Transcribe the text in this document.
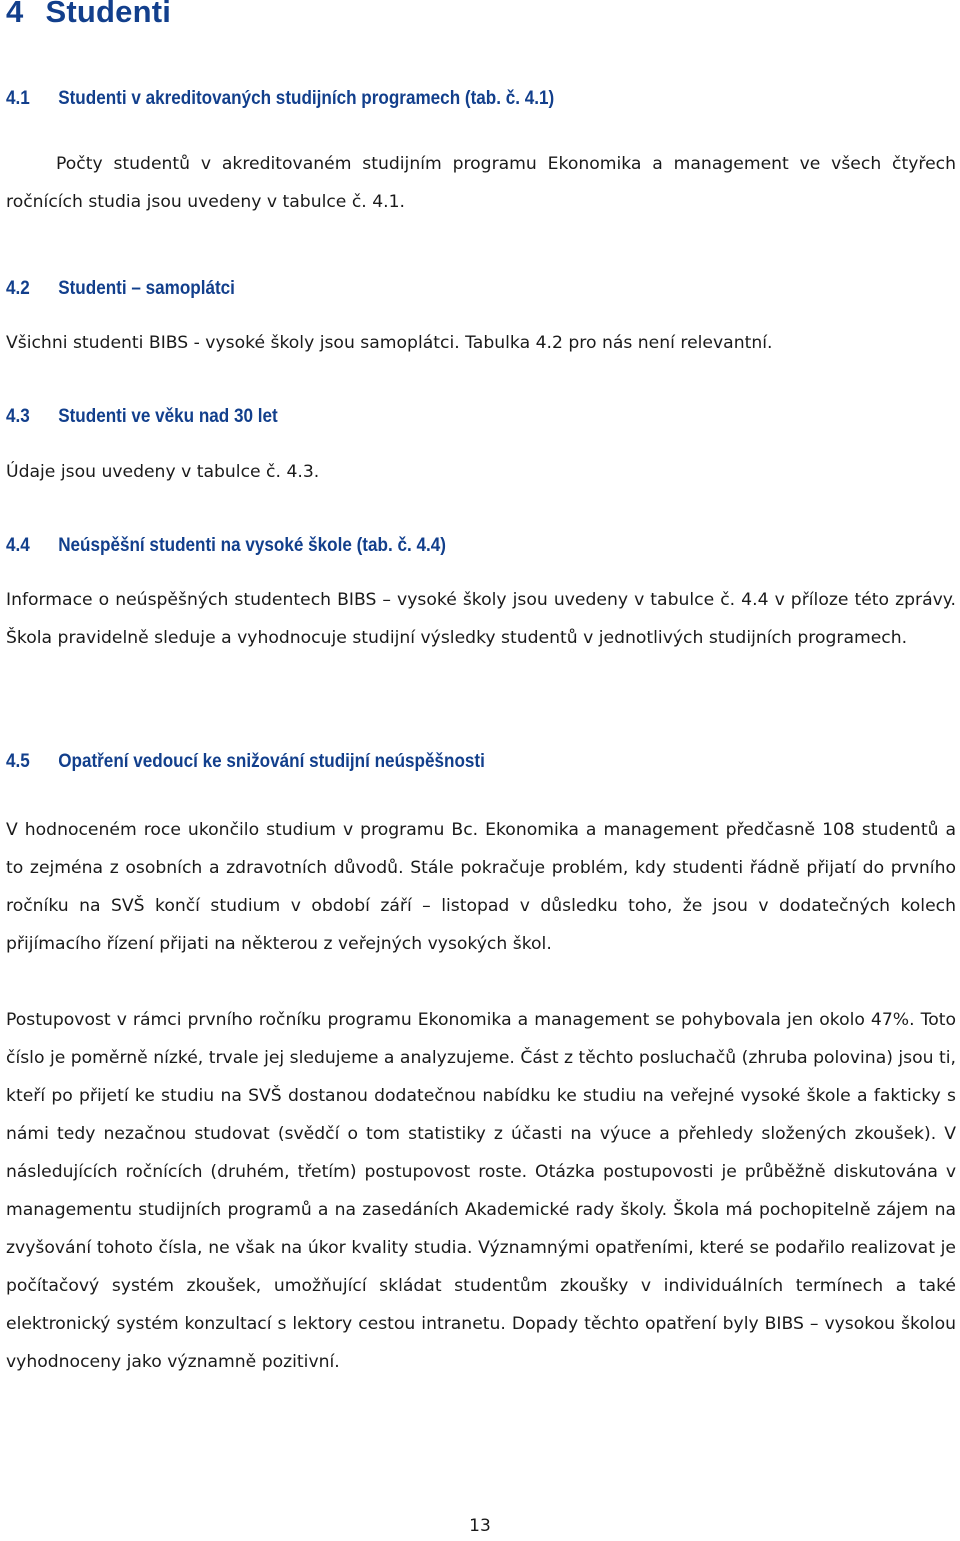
4 Studenti
4.1 Studenti v akreditovaných studijních programech (tab. č. 4.1)
Počty studentů v akreditovaném studijním programu Ekonomika a management ve všech čtyřech ročnících studia jsou uvedeny v tabulce č. 4.1.
4.2 Studenti – samoplátci
Všichni studenti BIBS - vysoké školy jsou samoplátci. Tabulka 4.2 pro nás není relevantní.
4.3 Studenti ve věku nad 30 let
Údaje jsou uvedeny v tabulce č. 4.3.
4.4 Neúspěšní studenti na vysoké škole (tab. č. 4.4)
Informace o neúspěšných studentech BIBS – vysoké školy jsou uvedeny v tabulce č. 4.4 v příloze této zprávy. Škola pravidelně sleduje a vyhodnocuje studijní výsledky studentů v jednotlivých studijních programech.
4.5 Opatření vedoucí ke snižování studijní neúspěšnosti
V hodnoceném roce ukončilo studium v programu Bc. Ekonomika a management předčasně 108 studentů a to zejména z osobních a zdravotních důvodů. Stále pokračuje problém, kdy studenti řádně přijatí do prvního ročníku na SVŠ končí studium v období září – listopad v důsledku toho, že jsou v dodatečných kolech přijímacího řízení přijati na některou z veřejných vysokých škol.
Postupovost v rámci prvního ročníku programu Ekonomika a management se pohybovala jen okolo 47%. Toto číslo je poměrně nízké, trvale jej sledujeme a analyzujeme. Část z těchto posluchačů (zhruba polovina) jsou ti, kteří po přijetí ke studiu na SVŠ dostanou dodatečnou nabídku ke studiu na veřejné vysoké škole a fakticky s námi tedy nezačnou studovat (svědčí o tom statistiky z účasti na výuce a přehledy složených zkoušek). V následujících ročnících (druhém, třetím) postupovost roste. Otázka postupovosti je průběžně diskutována v managementu studijních programů a na zasedáních Akademické rady školy. Škola má pochopitelně zájem na zvyšování tohoto čísla, ne však na úkor kvality studia. Významnými opatřeními, které se podařilo realizovat je počítačový systém zkoušek, umožňující skládat studentům zkoušky v individuálních termínech a také elektronický systém konzultací s lektory cestou intranetu. Dopady těchto opatření byly BIBS – vysokou školou vyhodnoceny jako významně pozitivní.
13
